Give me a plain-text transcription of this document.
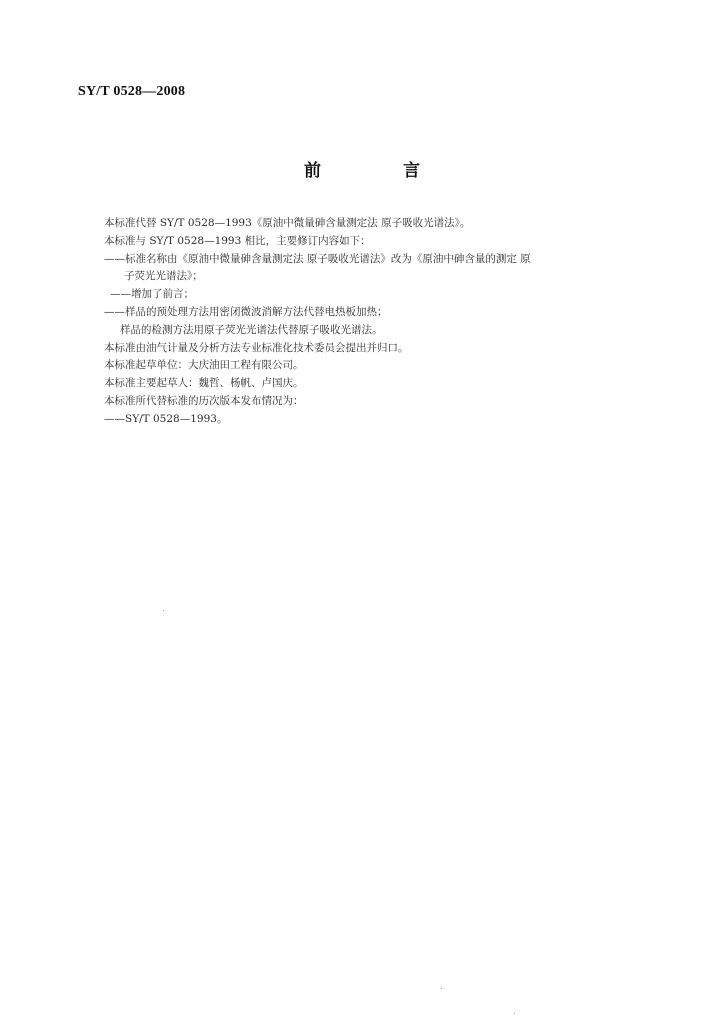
SY/T 0528—2008
前 言

本标准代替 SY/T 0528—1993《原油中微量砷含量测定法 原子吸收光谱法》。

本标准与 SY/T 0528—1993 相比，主要修订内容如下：

——标准名称由《原油中微量砷含量测定法 原子吸收光谱法》改为《原油中砷含量的测定 原

子荧光光谱法》；

——增加了前言；

——样品的预处理方法用密闭微波消解方法代替电热板加热；

样品的检测方法用原子荧光光谱法代替原子吸收光谱法。

本标准由油气计量及分析方法专业标准化技术委员会提出并归口。

本标准起草单位：大庆油田工程有限公司。

本标准主要起草人：魏哲、杨帆、卢国庆。

本标准所代替标准的历次版本发布情况为：

——SY/T 0528—1993。
